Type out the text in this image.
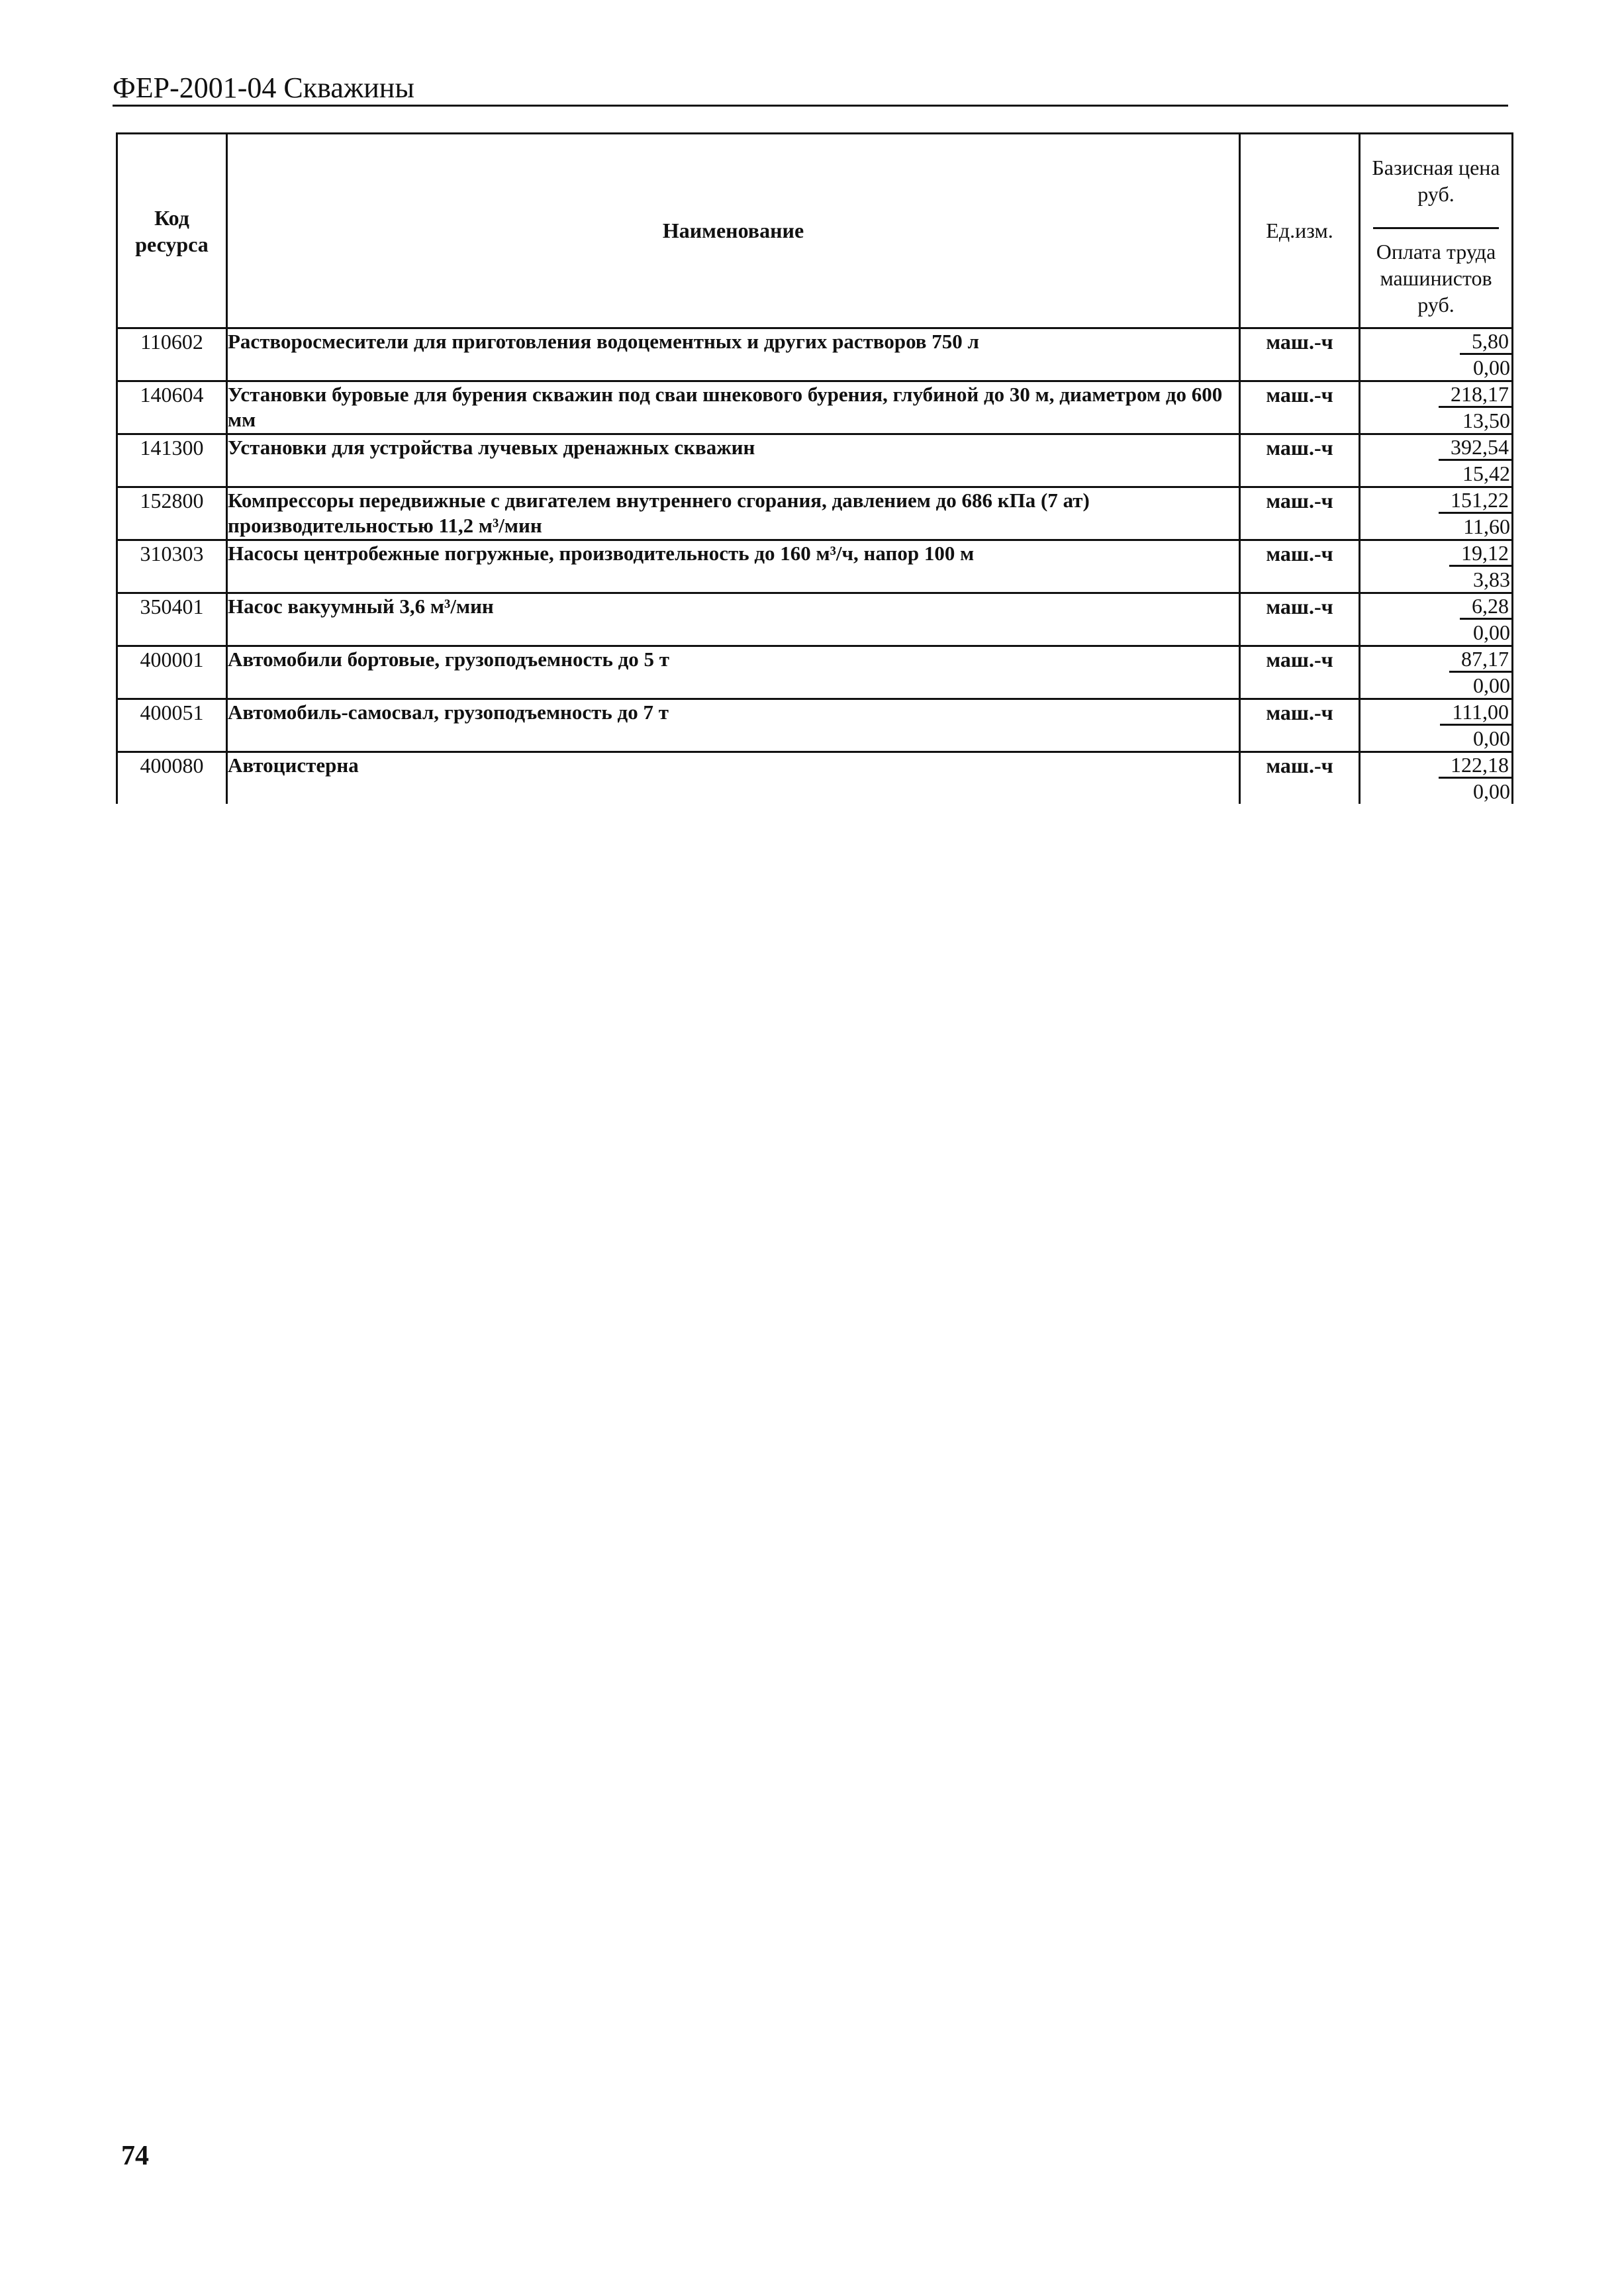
ФЕР-2001-04 Скважины
Код ресурса	Наименование	Ед.изм.	Базисная цена руб.
Оплата труда машинистов руб.

110602	Растворосмесители для приготовления водоцементных и других растворов 750 л	маш.-ч	$\frac{5,80}{0,00}$

140604	Установки буровые для бурения скважин под сваи шнекового бурения, глубиной до 30 м, диаметром до 600 мм	маш.-ч	$\frac{218,17}{13,50}$

141300	Установки для устройства лучевых дренажных скважин	маш.-ч	$\frac{392,54}{15,42}$

152800	Компрессоры передвижные с двигателем внутреннего сгорания, давлением до 686 кПа (7 ат) производительностью 11,2 м³/мин	маш.-ч	$\frac{151,22}{11,60}$

310303	Насосы центробежные погружные, производительность до 160 м³/ч, напор 100 м	маш.-ч	$\frac{19,12}{3,83}$

350401	Насос вакуумный 3,6 м³/мин	маш.-ч	$\frac{6,28}{0,00}$

400001	Автомобили бортовые, грузоподъемность до 5 т	маш.-ч	$\frac{87,17}{0,00}$

400051	Автомобиль-самосвал, грузоподъемность до 7 т	маш.-ч	$\frac{111,00}{0,00}$

400080	Автоцистерна	маш.-ч	$\frac{122,18}{0,00}$
74
